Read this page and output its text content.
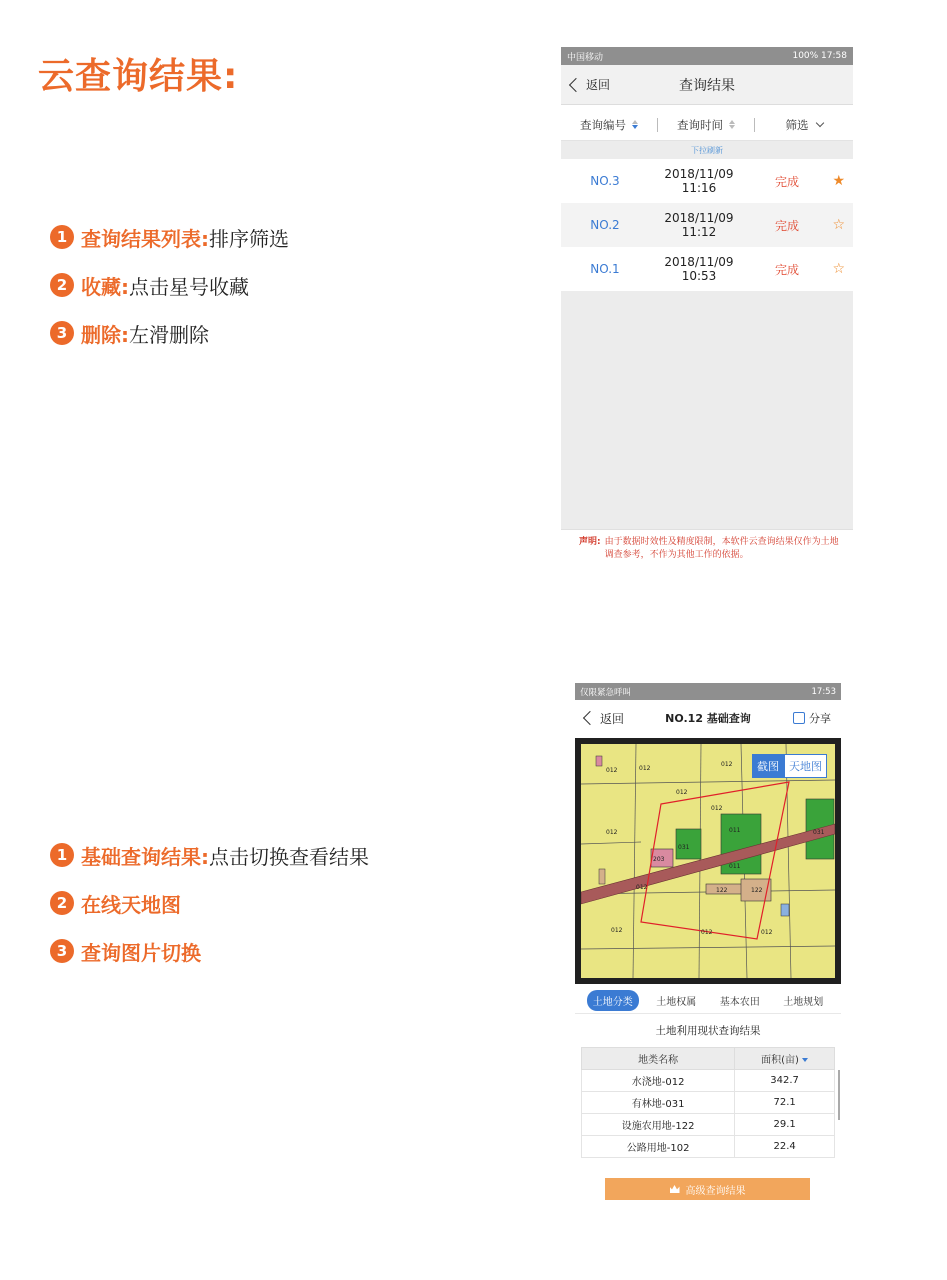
云查询结果:
1 查询结果列表: 排序筛选
2 收藏: 点击星号收藏
3 删除: 左滑删除
1 基础查询结果: 点击切换查看结果
2 在线天地图
3 查询图片切换
中国移动	100% 17:58
返回	查询结果
查询编号	查询时间	筛选
下拉刷新
NO.3	2018/11/09 11:16	完成	★
NO.2	2018/11/09 11:12	完成	☆
NO.1	2018/11/09 10:53	完成	☆
声明: 由于数据时效性及精度限制，本软件云查询结果仅作为土地调查参考，不作为其他工作的依据。
仅限紧急呼叫	17:53
返回	NO.12 基础查询	分享
012	012
012
012
012
012
031
031
011
011
122	122
012
012	012	012
203
截图 天地图
土地分类	土地权属	基本农田	土地规划
土地利用现状查询结果
地类名称	面积(亩)
水浇地-012	342.7
有林地-031	72.1
设施农用地-122	29.1
公路用地-102	22.4
高级查询结果
